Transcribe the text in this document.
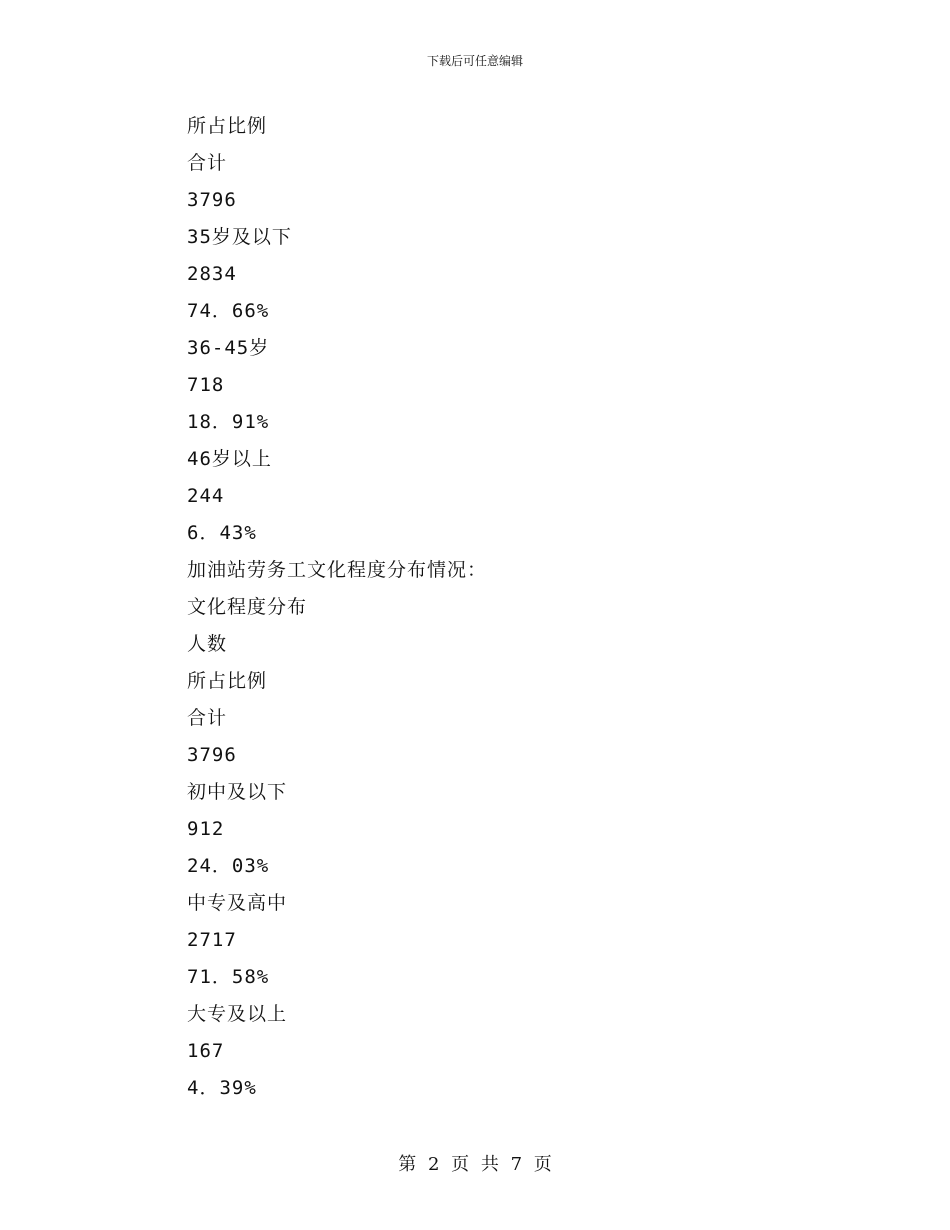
下载后可任意编辑
所占比例
合计
3796
35岁及以下
2834
74．66%
36-45岁
718
18．91%
46岁以上
244
6．43%
加油站劳务工文化程度分布情况：
文化程度分布
人数
所占比例
合计
3796
初中及以下
912
24．03%
中专及高中
2717
71．58%
大专及以上
167
4．39%
第 2 页 共 7 页
